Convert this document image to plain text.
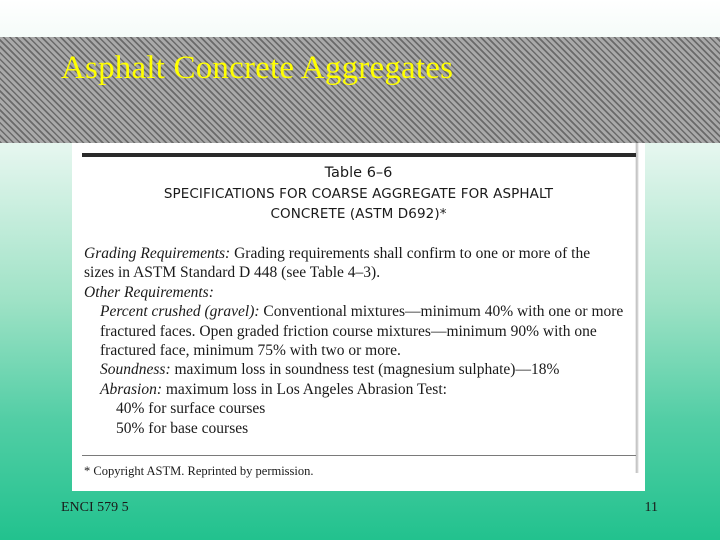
Asphalt Concrete Aggregates
Table 6–6
SPECIFICATIONS FOR COARSE AGGREGATE FOR ASPHALT
CONCRETE (ASTM D692)*
Grading Requirements: Grading requirements shall confirm to one or more of the
sizes in ASTM Standard D 448 (see Table 4–3).
Other Requirements:
Percent crushed (gravel): Conventional mixtures—minimum 40% with one or more
fractured faces. Open graded friction course mixtures—minimum 90% with one
fractured face, minimum 75% with two or more.
Soundness: maximum loss in soundness test (magnesium sulphate)—18%
Abrasion: maximum loss in Los Angeles Abrasion Test:
40% for surface courses
50% for base courses
* Copyright ASTM. Reprinted by permission.
ENCI 579 5	11
